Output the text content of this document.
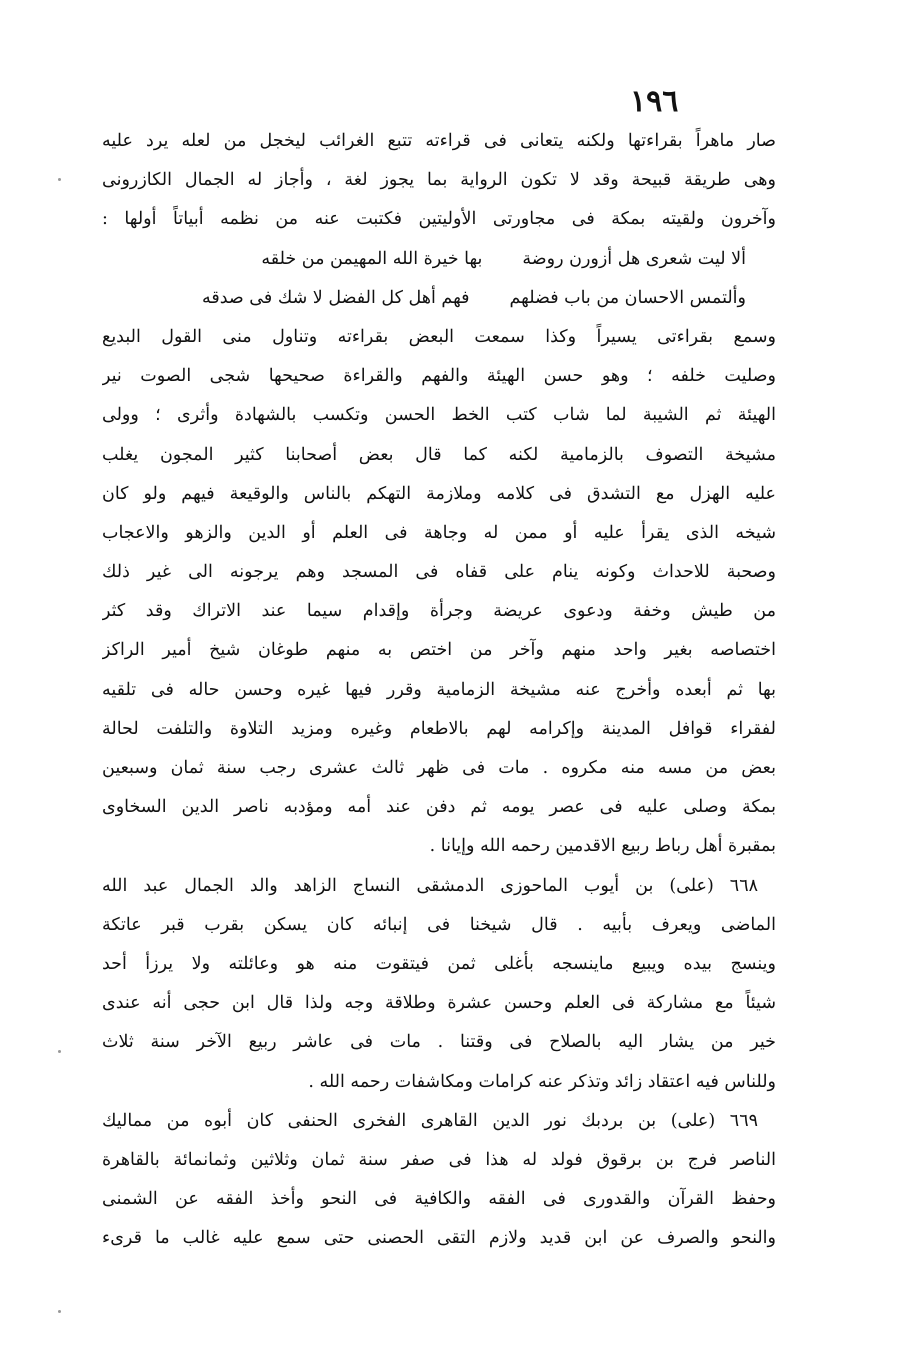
١٩٦
صار ماهراً بقراءتها ولكنه يتعانى فى قراءته تتبع الغرائب ليخجل من لعله يرد عليه
وهى طريقة قبيحة وقد لا تكون الرواية بما يجوز لغة ، وأجاز له الجمال الكازرونى
وآخرون ولقيته بمكة فى مجاورتى الأوليتين فكتبت عنه من نظمه أبياتاً أولها :
ألا ليت شعرى هل أزورن روضةبها خيرة الله المهيمن من خلقه
وألتمس الاحسان من باب فضلهمفهم أهل كل الفضل لا شك فى صدقه
وسمع بقراءتى يسيراً وكذا سمعت البعض بقراءته وتناول منى القول البديع
وصليت خلفه ؛ وهو حسن الهيئة والفهم والقراءة صحيحها شجى الصوت نير
الهيئة ثم الشيبة لما شاب كتب الخط الحسن وتكسب بالشهادة وأثرى ؛ وولى
مشيخة التصوف بالزمامية لكنه كما قال بعض أصحابنا كثير المجون يغلب
عليه الهزل مع التشدق فى كلامه وملازمة التهكم بالناس والوقيعة فيهم ولو كان
شيخه الذى يقرأ عليه أو ممن له وجاهة فى العلم أو الدين والزهو والاعجاب
وصحبة للاحداث وكونه ينام على قفاه فى المسجد وهم يرجونه الى غير ذلك
من طيش وخفة ودعوى عريضة وجرأة وإقدام سيما عند الاتراك وقد كثر
اختصاصه بغير واحد منهم وآخر من اختص به منهم طوغان شيخ أمير الراكز
بها ثم أبعده وأخرج عنه مشيخة الزمامية وقرر فيها غيره وحسن حاله فى تلقيه
لفقراء قوافل المدينة وإكرامه لهم بالاطعام وغيره ومزيد التلاوة والتلفت لحالة
بعض من مسه منه مكروه . مات فى ظهر ثالث عشرى رجب سنة ثمان وسبعين
بمكة وصلى عليه فى عصر يومه ثم دفن عند أمه ومؤدبه ناصر الدين السخاوى
بمقبرة أهل رباط ربيع الاقدمين رحمه الله وإيانا .
٦٦٨ (على) بن أيوب الماحوزى الدمشقى النساج الزاهد والد الجمال عبد الله
الماضى ويعرف بأبيه . قال شيخنا فى إنبائه كان يسكن بقرب قبر عاتكة
وينسج بيده ويبيع ماينسجه بأغلى ثمن فيتقوت منه هو وعائلته ولا يرزأ أحد
شيئاً مع مشاركة فى العلم وحسن عشرة وطلاقة وجه ولذا قال ابن حجى أنه عندى
خير من يشار اليه بالصلاح فى وقتنا . مات فى عاشر ربيع الآخر سنة ثلاث
وللناس فيه اعتقاد زائد وتذكر عنه كرامات ومكاشفات رحمه الله .
٦٦٩ (على) بن بردبك نور الدين القاهرى الفخرى الحنفى كان أبوه من مماليك
الناصر فرج بن برقوق فولد له هذا فى صفر سنة ثمان وثلاثين وثمانمائة بالقاهرة
وحفظ القرآن والقدورى فى الفقه والكافية فى النحو وأخذ الفقه عن الشمنى
والنحو والصرف عن ابن قديد ولازم التقى الحصنى حتى سمع عليه غالب ما قرىء
